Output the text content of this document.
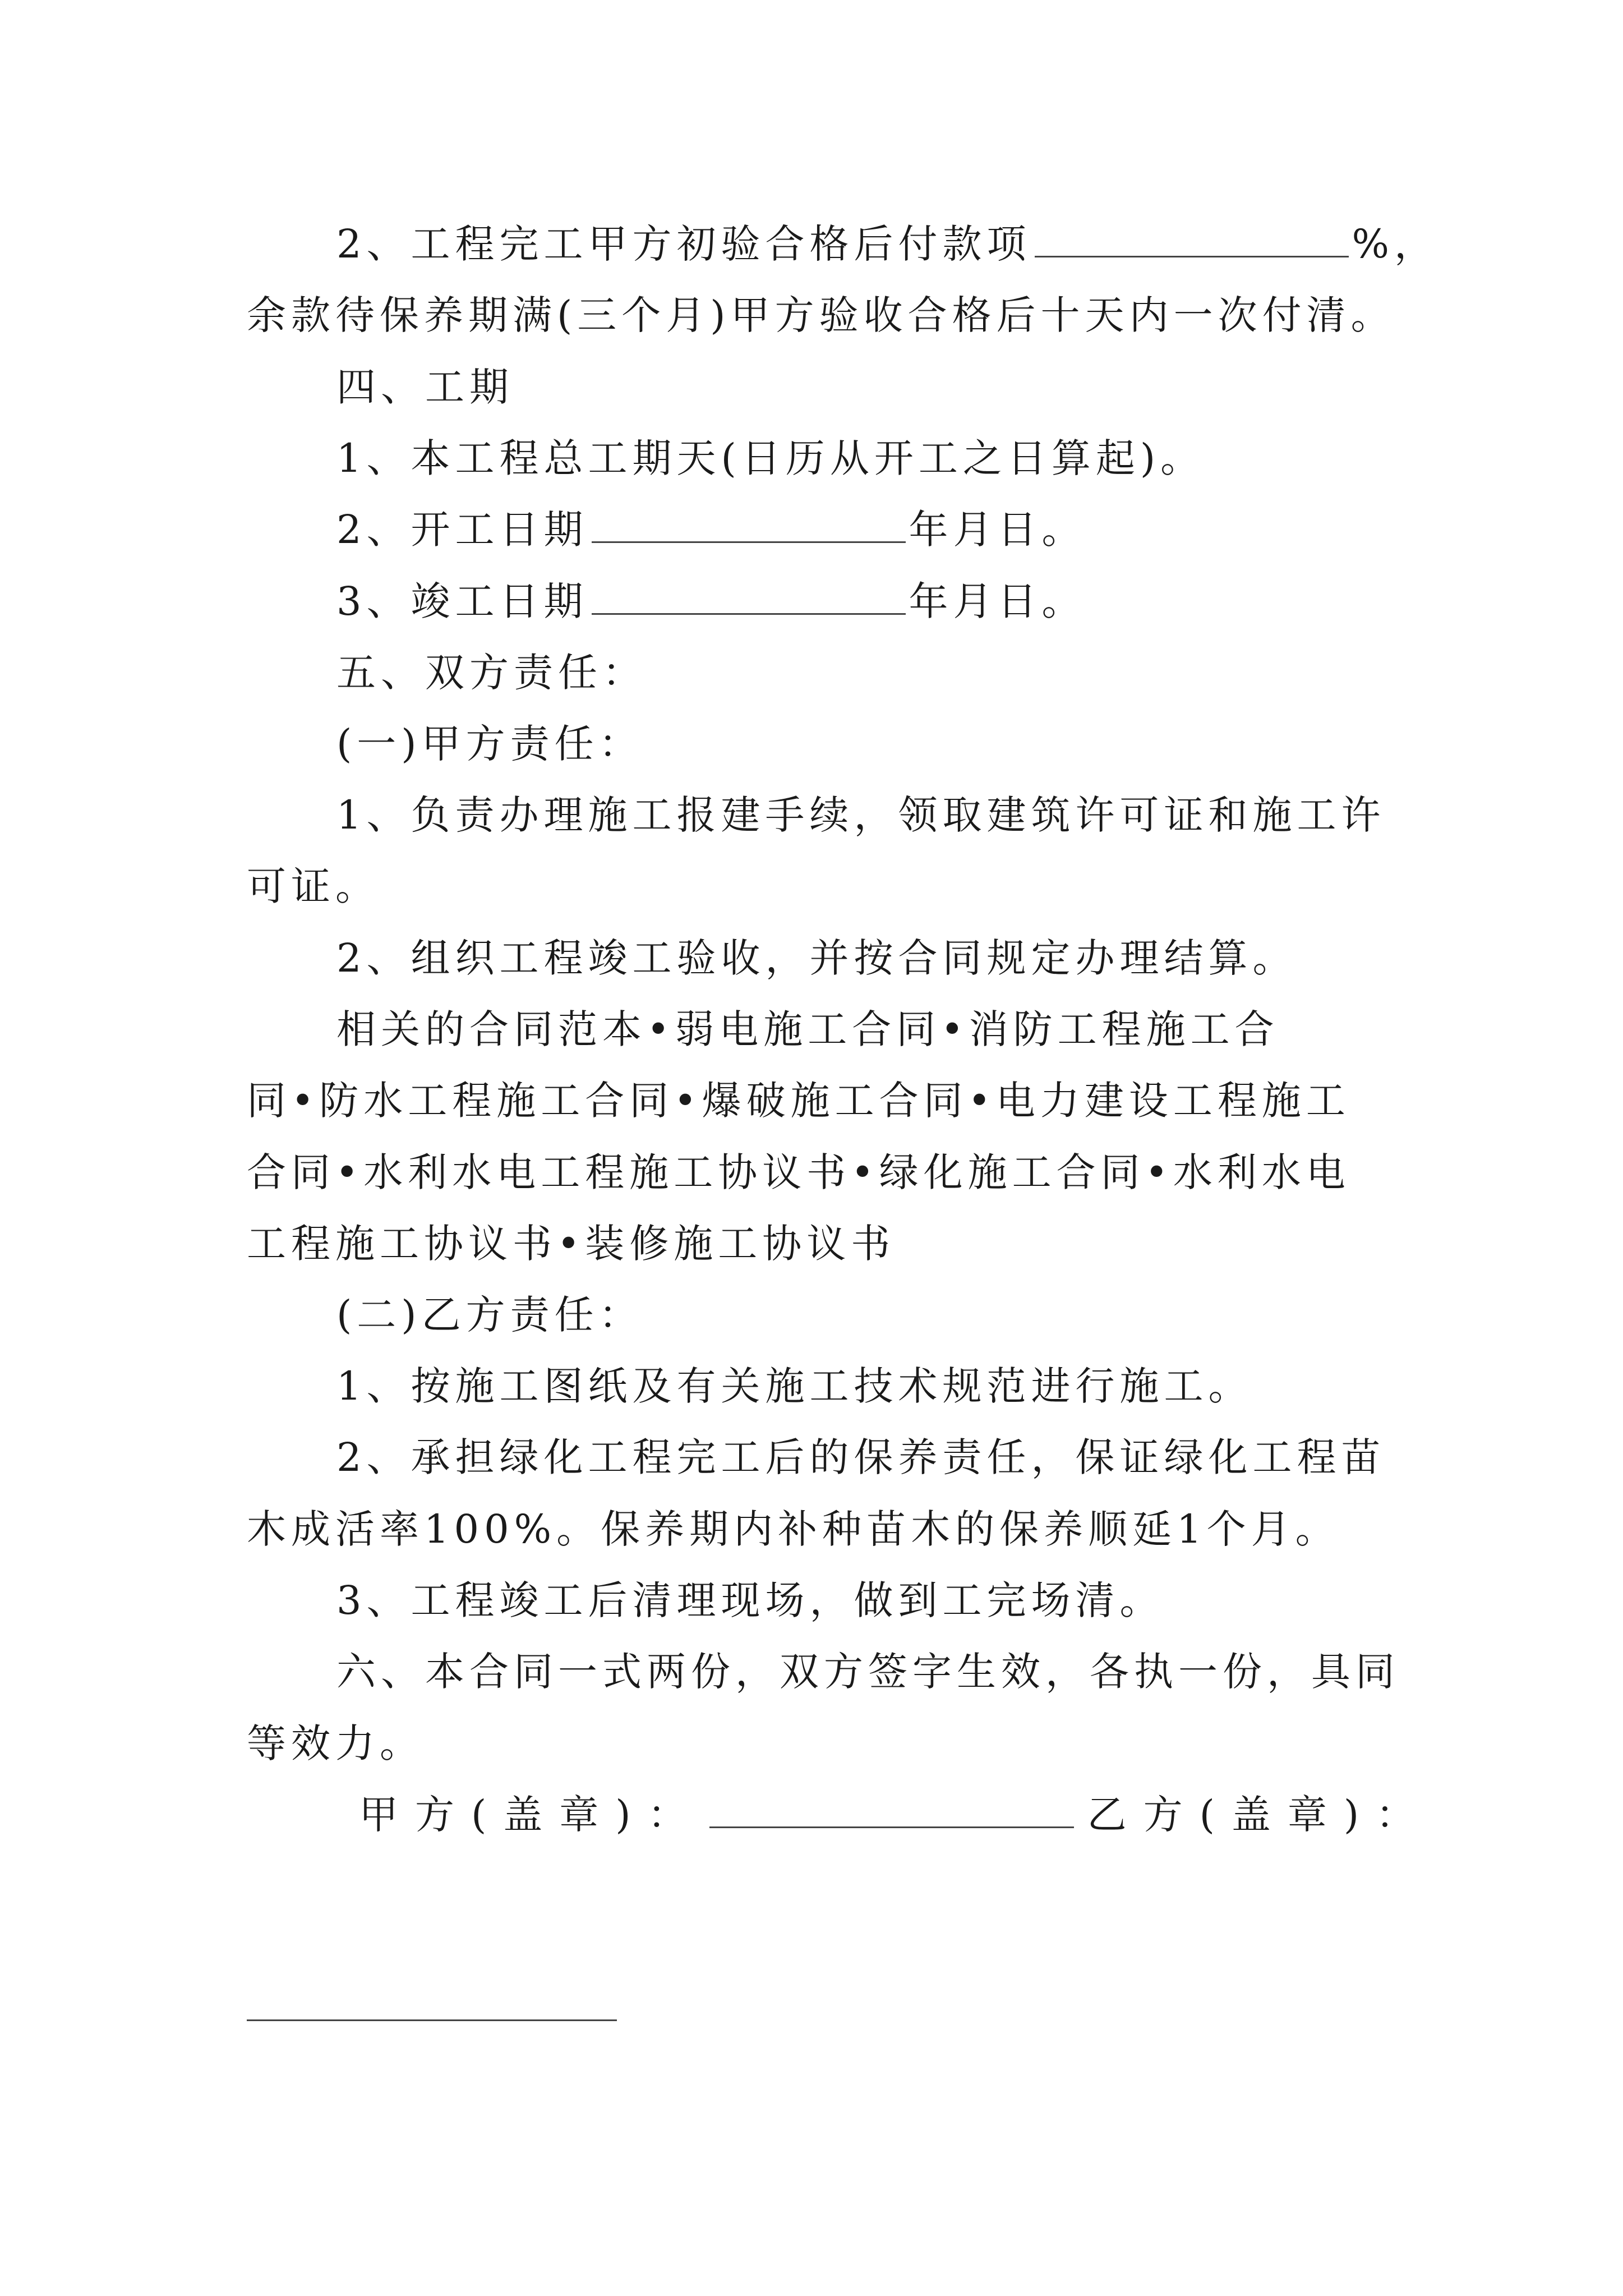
2、工程完工甲方初验合格后付款项	%，

余款待保养期满(三个月)甲方验收合格后十天内一次付清。

四、工期

1、本工程总工期天(日历从开工之日算起)。

2、开工日期	年月日。

3、竣工日期	年月日。

五、双方责任：

(一)甲方责任：

1、负责办理施工报建手续，领取建筑许可证和施工许

可证。

2、组织工程竣工验收，并按合同规定办理结算。

相关的合同范本•弱电施工合同•消防工程施工合

同•防水工程施工合同•爆破施工合同•电力建设工程施工

合同•水利水电工程施工协议书•绿化施工合同•水利水电

工程施工协议书•装修施工协议书

(二)乙方责任：

1、按施工图纸及有关施工技术规范进行施工。

2、承担绿化工程完工后的保养责任，保证绿化工程苗

木成活率100%。保养期内补种苗木的保养顺延1个月。

3、工程竣工后清理现场，做到工完场清。

六、本合同一式两份，双方签字生效，各执一份，具同

等效力。

甲方(盖章)：	乙方(盖章)：
